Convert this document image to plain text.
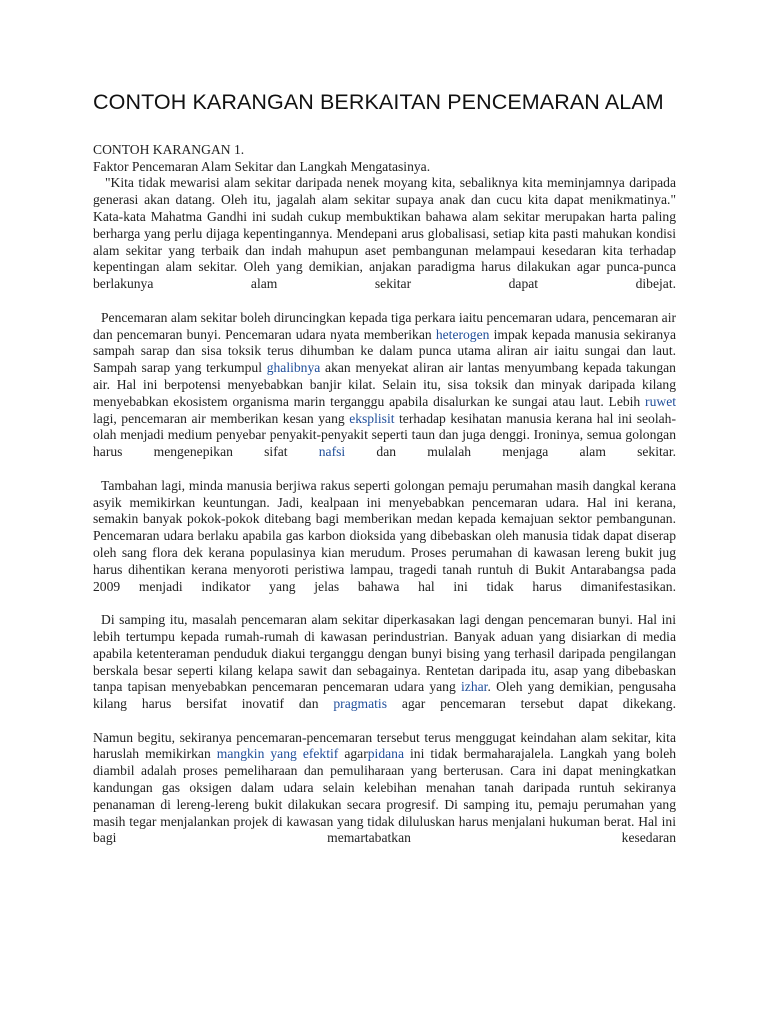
CONTOH KARANGAN BERKAITAN PENCEMARAN ALAM

CONTOH KARANGAN 1.

Faktor Pencemaran Alam Sekitar dan Langkah Mengatasinya.

"Kita tidak mewarisi alam sekitar daripada nenek moyang kita, sebaliknya kita meminjamnya daripada generasi akan datang. Oleh itu, jagalah alam sekitar supaya anak dan cucu kita dapat menikmatinya." Kata-kata Mahatma Gandhi ini sudah cukup membuktikan bahawa alam sekitar merupakan harta paling berharga yang perlu dijaga kepentingannya. Mendepani arus globalisasi, setiap kita pasti mahukan kondisi alam sekitar yang terbaik dan indah mahupun aset pembangunan melampaui kesedaran kita terhadap kepentingan alam sekitar. Oleh yang demikian, anjakan paradigma harus dilakukan agar punca-punca berlakunya alam sekitar dapat dibejat.

Pencemaran alam sekitar boleh diruncingkan kepada tiga perkara iaitu pencemaran udara, pencemaran air dan pencemaran bunyi. Pencemaran udara nyata memberikan heterogen impak kepada manusia sekiranya sampah sarap dan sisa toksik terus dihumban ke dalam punca utama aliran air iaitu sungai dan laut. Sampah sarap yang terkumpul ghalibnya akan menyekat aliran air lantas menyumbang kepada takungan air. Hal ini berpotensi menyebabkan banjir kilat. Selain itu, sisa toksik dan minyak daripada kilang menyebabkan ekosistem organisma marin terganggu apabila disalurkan ke sungai atau laut. Lebih ruwet lagi, pencemaran air memberikan kesan yang eksplisit terhadap kesihatan manusia kerana hal ini seolah-olah menjadi medium penyebar penyakit-penyakit seperti taun dan juga denggi. Ironinya, semua golongan harus mengenepikan sifat nafsi dan mulalah menjaga alam sekitar.

Tambahan lagi, minda manusia berjiwa rakus seperti golongan pemaju perumahan masih dangkal kerana asyik memikirkan keuntungan. Jadi, kealpaan ini menyebabkan pencemaran udara. Hal ini kerana, semakin banyak pokok-pokok ditebang bagi memberikan medan kepada kemajuan sektor pembangunan. Pencemaran udara berlaku apabila gas karbon dioksida yang dibebaskan oleh manusia tidak dapat diserap oleh sang flora dek kerana populasinya kian merudum. Proses perumahan di kawasan lereng bukit jug harus dihentikan kerana menyoroti peristiwa lampau, tragedi tanah runtuh di Bukit Antarabangsa pada 2009 menjadi indikator yang jelas bahawa hal ini tidak harus dimanifestasikan.

Di samping itu, masalah pencemaran alam sekitar diperkasakan lagi dengan pencemaran bunyi. Hal ini lebih tertumpu kepada rumah-rumah di kawasan perindustrian. Banyak aduan yang disiarkan di media apabila ketenteraman penduduk diakui terganggu dengan bunyi bising yang terhasil daripada pengilangan berskala besar seperti kilang kelapa sawit dan sebagainya. Rentetan daripada itu, asap yang dibebaskan tanpa tapisan menyebabkan pencemaran pencemaran udara yang izhar. Oleh yang demikian, pengusaha kilang harus bersifat inovatif dan pragmatis agar pencemaran tersebut dapat dikekang.

Namun begitu, sekiranya pencemaran-pencemaran tersebut terus menggugat keindahan alam sekitar, kita haruslah memikirkan mangkin yang efektif agarpidana ini tidak bermaharajalela. Langkah yang boleh diambil adalah proses pemeliharaan dan pemuliharaan yang berterusan. Cara ini dapat meningkatkan kandungan gas oksigen dalam udara selain kelebihan menahan tanah daripada runtuh sekiranya penanaman di lereng-lereng bukit dilakukan secara progresif. Di samping itu, pemaju perumahan yang masih tegar menjalankan projek di kawasan yang tidak diluluskan harus menjalani hukuman berat. Hal ini bagi memartabatkan kesedaran
